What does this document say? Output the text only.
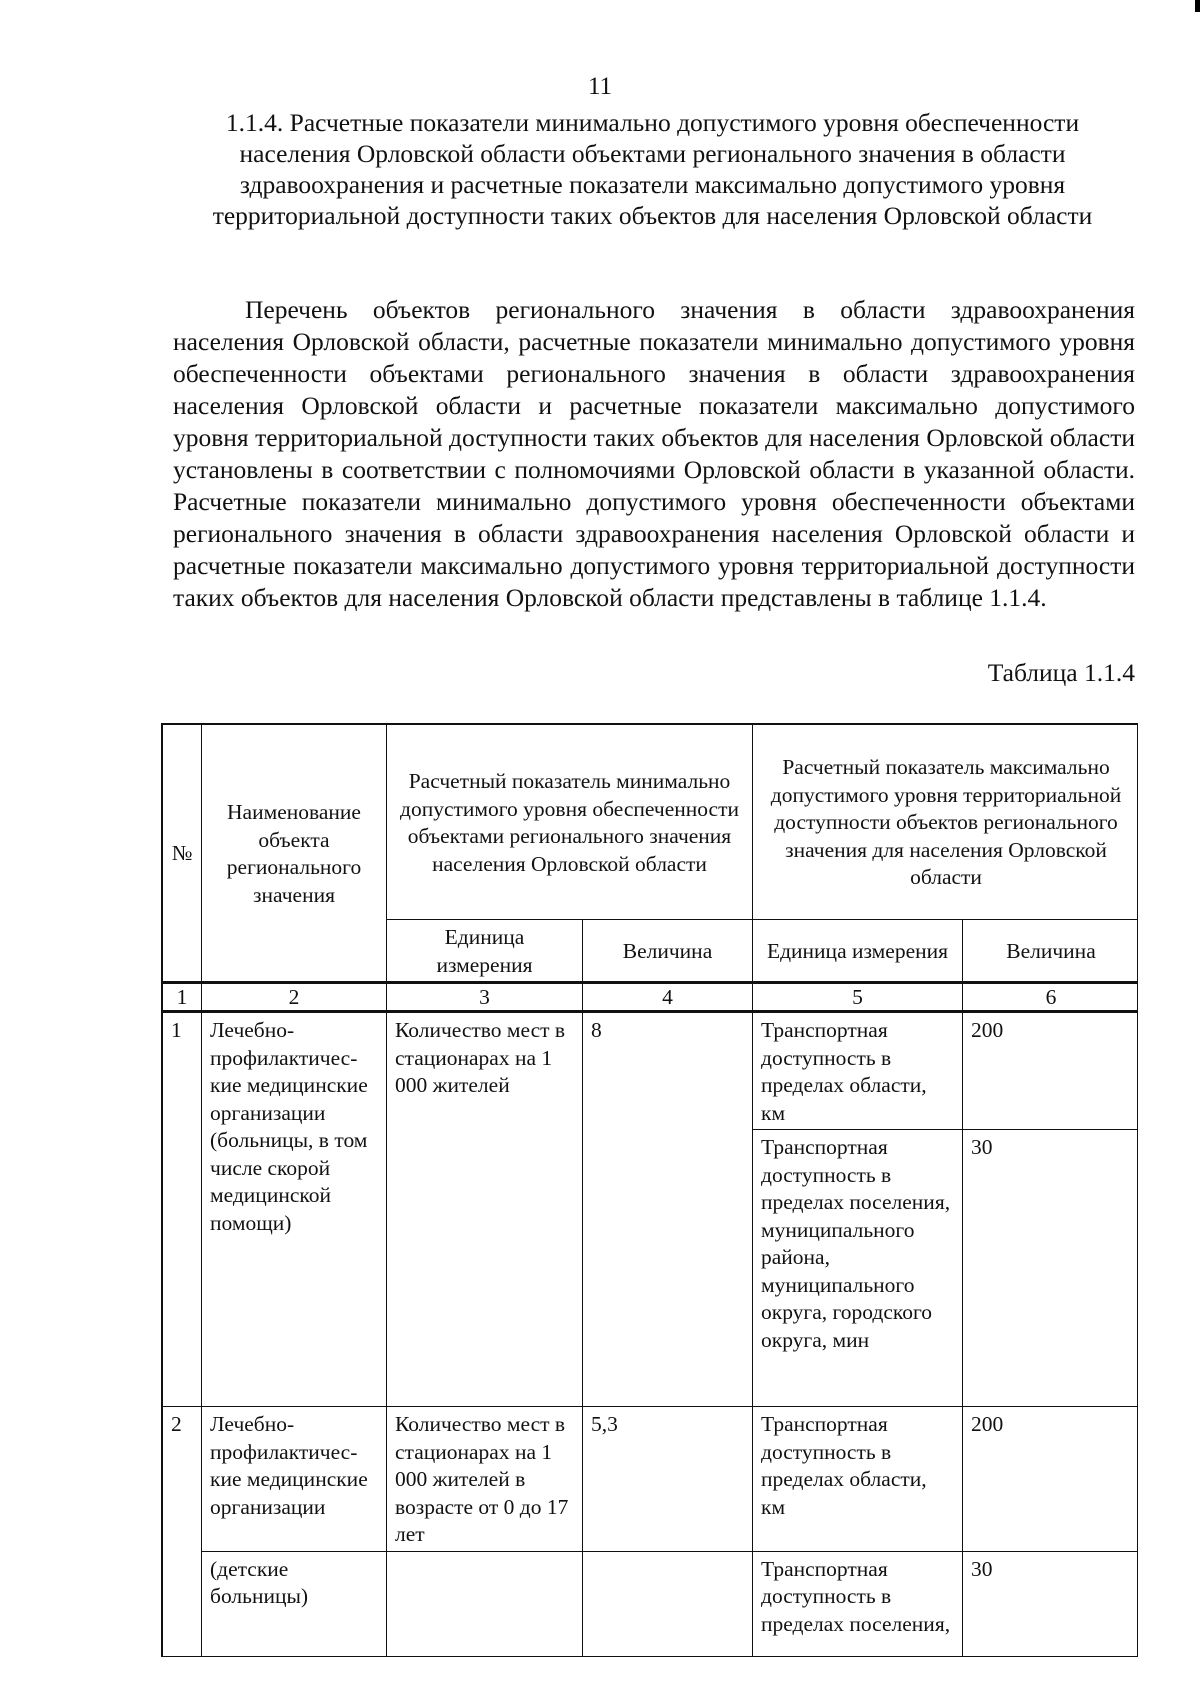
11
1.1.4. Расчетные показатели минимально допустимого уровня обеспеченности
населения Орловской области объектами регионального значения в области
здравоохранения и расчетные показатели максимально допустимого уровня
территориальной доступности таких объектов для населения Орловской области

Перечень объектов регионального значения в области здравоохранения населения Орловской области, расчетные показатели минимально допустимого уровня обеспеченности объектами регионального значения в области здравоохранения населения Орловской области и расчетные показатели максимально допустимого уровня территориальной доступности таких объектов для населения Орловской области установлены в соответствии с полномочиями Орловской области в указанной области. Расчетные показатели минимально допустимого уровня обеспеченности объектами регионального значения в области здравоохранения населения Орловской области и расчетные показатели максимально допустимого уровня территориальной доступности таких объектов для населения Орловской области представлены в таблице 1.1.4.

Таблица 1.1.4
№	Наименование объекта регионального значения	Расчетный показатель минимально допустимого уровня обеспеченности объектами регионального значения населения Орловской области		Расчетный показатель максимально допустимого уровня территориальной доступности объектов регионального значения для населения Орловской области	
		Единица измерения	Величина	Единица измерения	Величина
1	2	3	4	5	6
1	Лечебно-профилактичес-кие медицинские организации (больницы, в том числе скорой медицинской помощи)	Количество мест в стационарах на 1 000 жителей	8	Транспортная доступность в пределах области, км	200
				Транспортная доступность в пределах поселения, муниципального района, муниципального округа, городского округа, мин	30
2	Лечебно-профилактичес-кие медицинские организации	Количество мест в стационарах на 1 000 жителей в возрасте от 0 до 17 лет	5,3	Транспортная доступность в пределах области, км	200
	(детские больницы)			Транспортная доступность в пределах поселения,	30
